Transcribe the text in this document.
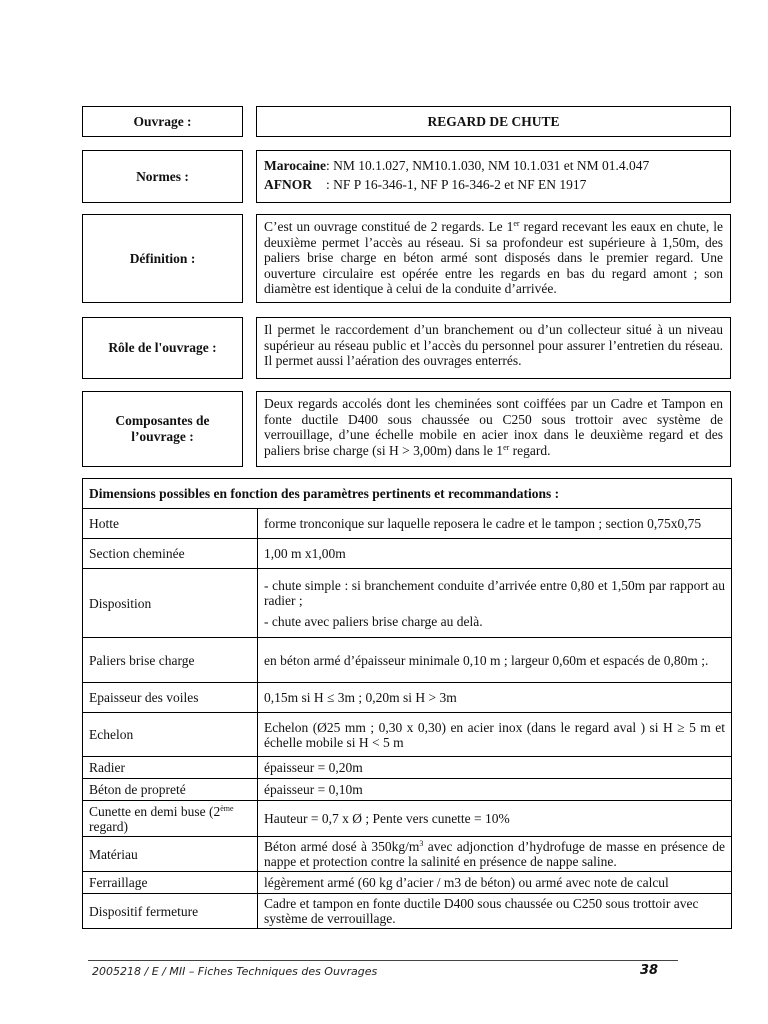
Ouvrage :	REGARD DE CHUTE
Normes :
Marocaine : NM 10.1.027, NM10.1.030, NM 10.1.031 et NM 01.4.047
AFNOR	: NF P 16-346-1, NF P 16-346-2 et NF EN 1917
Définition :
C’est un ouvrage constitué de 2 regards. Le 1er regard recevant les eaux en chute, le deuxième permet l’accès au réseau. Si sa profondeur est supérieure à 1,50m, des paliers brise charge en béton armé sont disposés dans le premier regard. Une ouverture circulaire est opérée entre les regards en bas du regard amont ; son diamètre est identique à celui de la conduite d’arrivée.
Rôle de l'ouvrage :
Il permet le raccordement d’un branchement ou d’un collecteur situé à un niveau supérieur au réseau public et l’accès du personnel pour assurer l’entretien du réseau. Il permet aussi l’aération des ouvrages enterrés.
Composantes de l’ouvrage :
Deux regards accolés dont les cheminées sont coiffées par un Cadre et Tampon en fonte ductile D400 sous chaussée ou C250 sous trottoir avec système de verrouillage, d’une échelle mobile en acier inox dans le deuxième regard et des paliers brise charge (si H > 3,00m) dans le 1er regard.
Dimensions possibles en fonction des paramètres pertinents et recommandations :	
Hotte	forme tronconique sur laquelle reposera le cadre et le tampon ; section 0,75x0,75
Section cheminée	1,00 m x1,00m
Disposition	- chute simple : si branchement conduite d’arrivée entre 0,80 et 1,50m par rapport au radier ;
- chute avec paliers brise charge au delà.

Paliers brise charge	en béton armé d’épaisseur minimale 0,10 m ; largeur 0,60m et espacés de 0,80m ;.
Epaisseur des voiles	0,15m si H ≤ 3m ; 0,20m si H > 3m
Echelon	Echelon (Ø25 mm ; 0,30 x 0,30) en acier inox (dans le regard aval ) si H ≥ 5 m et échelle mobile si H < 5 m
Radier	épaisseur = 0,20m
Béton de propreté	épaisseur = 0,10m
Cunette en demi buse (2ème regard)	Hauteur = 0,7 x Ø ; Pente vers cunette = 10%
Matériau	Béton armé dosé à $350kg/m^3$ avec adjonction d’hydrofuge de masse en présence de nappe et protection contre la salinité en présence de nappe saline.
Ferraillage	légèrement armé (60 kg d’acier / m3 de béton) ou armé avec note de calcul
Dispositif fermeture	Cadre et tampon en fonte ductile D400 sous chaussée ou C250 sous trottoir avec système de verrouillage.
2005218 / E / MII – Fiches Techniques des Ouvrages	38
